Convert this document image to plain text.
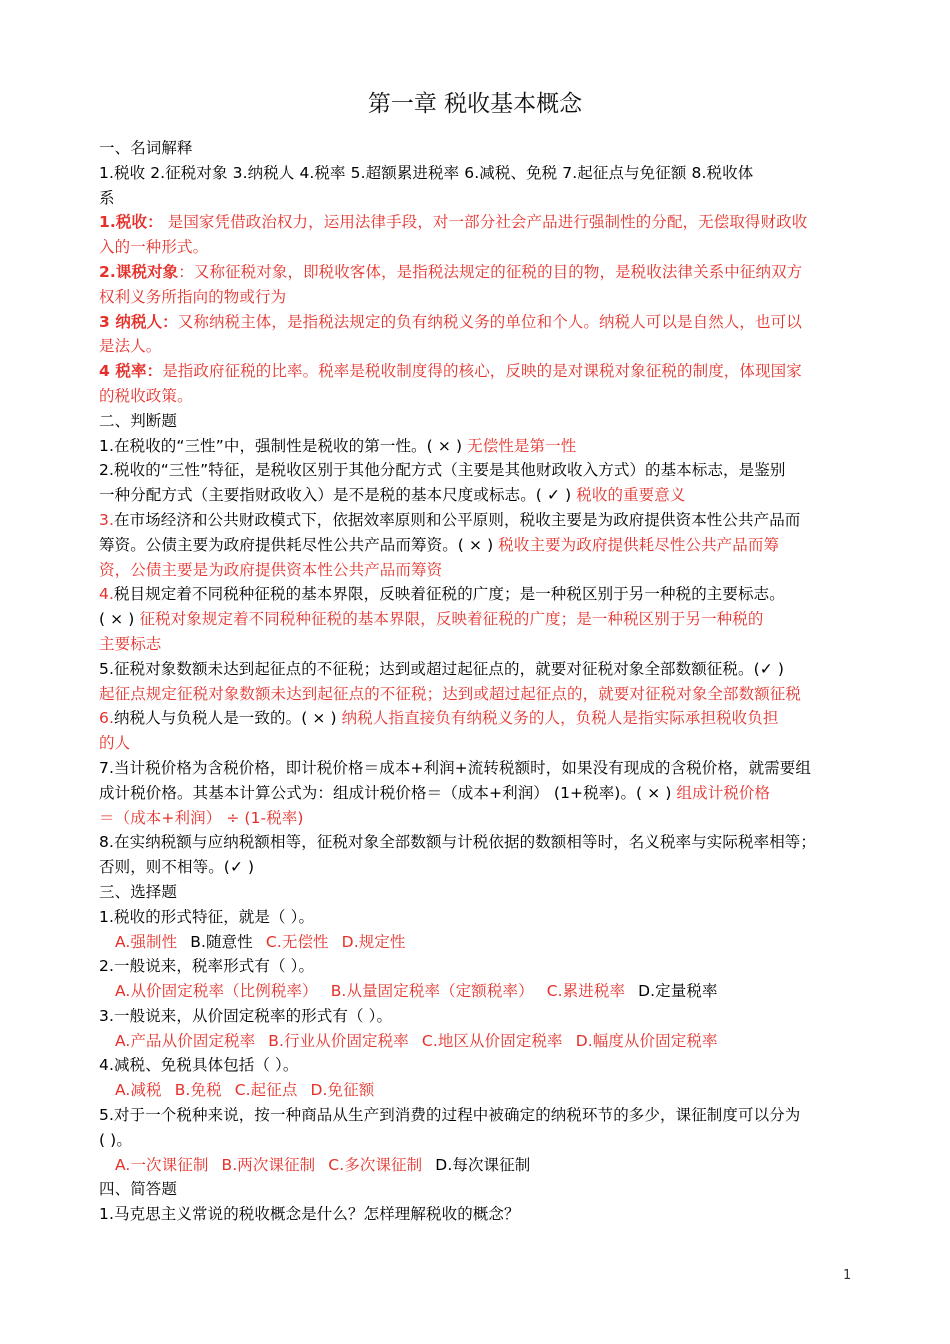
第一章 税收基本概念
一、名词解释
1.税收 2.征税对象 3.纳税人 4.税率 5.超额累进税率 6.减税、免税 7.起征点与免征额 8.税收体
系
1.税收： 是国家凭借政治权力，运用法律手段，对一部分社会产品进行强制性的分配，无偿取得财政收
入的一种形式。
2.课税对象：又称征税对象，即税收客体，是指税法规定的征税的目的物，是税收法律关系中征纳双方
权利义务所指向的物或行为
3 纳税人：又称纳税主体，是指税法规定的负有纳税义务的单位和个人。纳税人可以是自然人，也可以
是法人。
4 税率：是指政府征税的比率。税率是税收制度得的核心，反映的是对课税对象征税的制度，体现国家
的税收政策。
二、判断题
1.在税收的“三性”中，强制性是税收的第一性。( × ) 无偿性是第一性
2.税收的“三性”特征，是税收区别于其他分配方式（主要是其他财政收入方式）的基本标志，是鉴别
一种分配方式（主要指财政收入）是不是税的基本尺度或标志。( ✓ ) 税收的重要意义
3.在市场经济和公共财政模式下，依据效率原则和公平原则，税收主要是为政府提供资本性公共产品而
筹资。公债主要为政府提供耗尽性公共产品而筹资。( × ) 税收主要为政府提供耗尽性公共产品而筹
资，公债主要是为政府提供资本性公共产品而筹资
4.税目规定着不同税种征税的基本界限，反映着征税的广度；是一种税区别于另一种税的主要标志。
( × ) 征税对象规定着不同税种征税的基本界限，反映着征税的广度；是一种税区别于另一种税的
主要标志
5.征税对象数额未达到起征点的不征税；达到或超过起征点的，就要对征税对象全部数额征税。(✓ )
起征点规定征税对象数额未达到起征点的不征税；达到或超过起征点的，就要对征税对象全部数额征税
6.纳税人与负税人是一致的。( × ) 纳税人指直接负有纳税义务的人，负税人是指实际承担税收负担
的人
7.当计税价格为含税价格，即计税价格＝成本+利润+流转税额时，如果没有现成的含税价格，就需要组
成计税价格。其基本计算公式为：组成计税价格＝（成本+利润） (1+税率)。( × ) 组成计税价格
＝（成本+利润） ÷ (1-税率)
8.在实纳税额与应纳税额相等，征税对象全部数额与计税依据的数额相等时，名义税率与实际税率相等；
否则，则不相等。(✓ )
三、选择题
1.税收的形式特征，就是（ ）。
A.强制性 B.随意性 C.无偿性 D.规定性
2.一般说来，税率形式有（ ）。
A.从价固定税率（比例税率） B.从量固定税率（定额税率） C.累进税率 D.定量税率
3.一般说来，从价固定税率的形式有（ ）。
A.产品从价固定税率 B.行业从价固定税率 C.地区从价固定税率 D.幅度从价固定税率
4.减税、免税具体包括（ ）。
A.减税 B.免税 C.起征点 D.免征额
5.对于一个税种来说，按一种商品从生产到消费的过程中被确定的纳税环节的多少，课征制度可以分为
( )。
A.一次课征制 B.两次课征制 C.多次课征制 D.每次课征制
四、简答题
1.马克思主义常说的税收概念是什么？怎样理解税收的概念？
1
